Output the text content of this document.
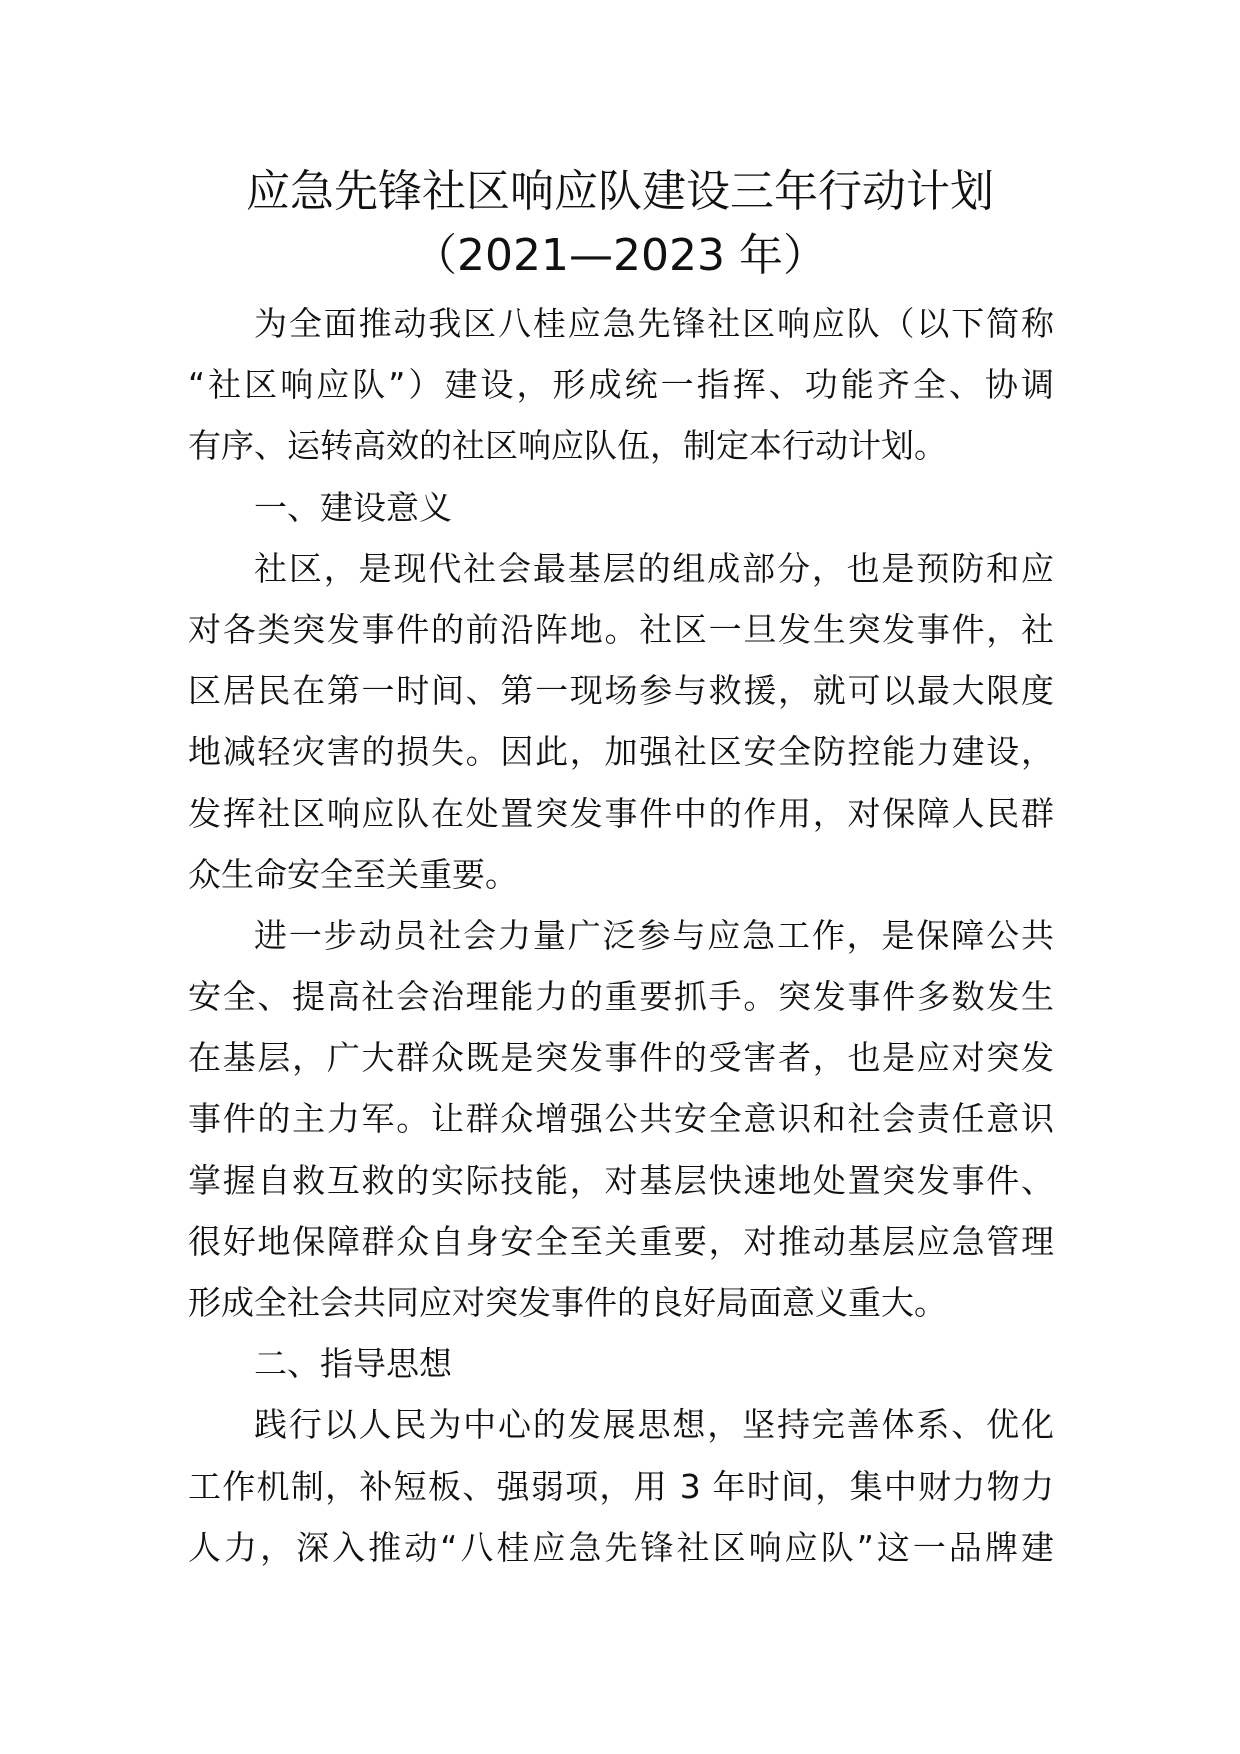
应急先锋社区响应队建设三年行动计划
（2021—2023 年）
为全面推动我区八桂应急先锋社区响应队（以下简称
“社区响应队”）建设，形成统一指挥、功能齐全、协调
有序、运转高效的社区响应队伍，制定本行动计划。
一、建设意义
社区，是现代社会最基层的组成部分，也是预防和应
对各类突发事件的前沿阵地。社区一旦发生突发事件，社
区居民在第一时间、第一现场参与救援，就可以最大限度
地减轻灾害的损失。因此，加强社区安全防控能力建设，
发挥社区响应队在处置突发事件中的作用，对保障人民群
众生命安全至关重要。
进一步动员社会力量广泛参与应急工作，是保障公共
安全、提高社会治理能力的重要抓手。突发事件多数发生
在基层，广大群众既是突发事件的受害者，也是应对突发
事件的主力军。让群众增强公共安全意识和社会责任意识
掌握自救互救的实际技能，对基层快速地处置突发事件、
很好地保障群众自身安全至关重要，对推动基层应急管理
形成全社会共同应对突发事件的良好局面意义重大。
二、指导思想
践行以人民为中心的发展思想，坚持完善体系、优化
工作机制，补短板、强弱项，用 3 年时间，集中财力物力
人力，深入推动“八桂应急先锋社区响应队”这一品牌建
